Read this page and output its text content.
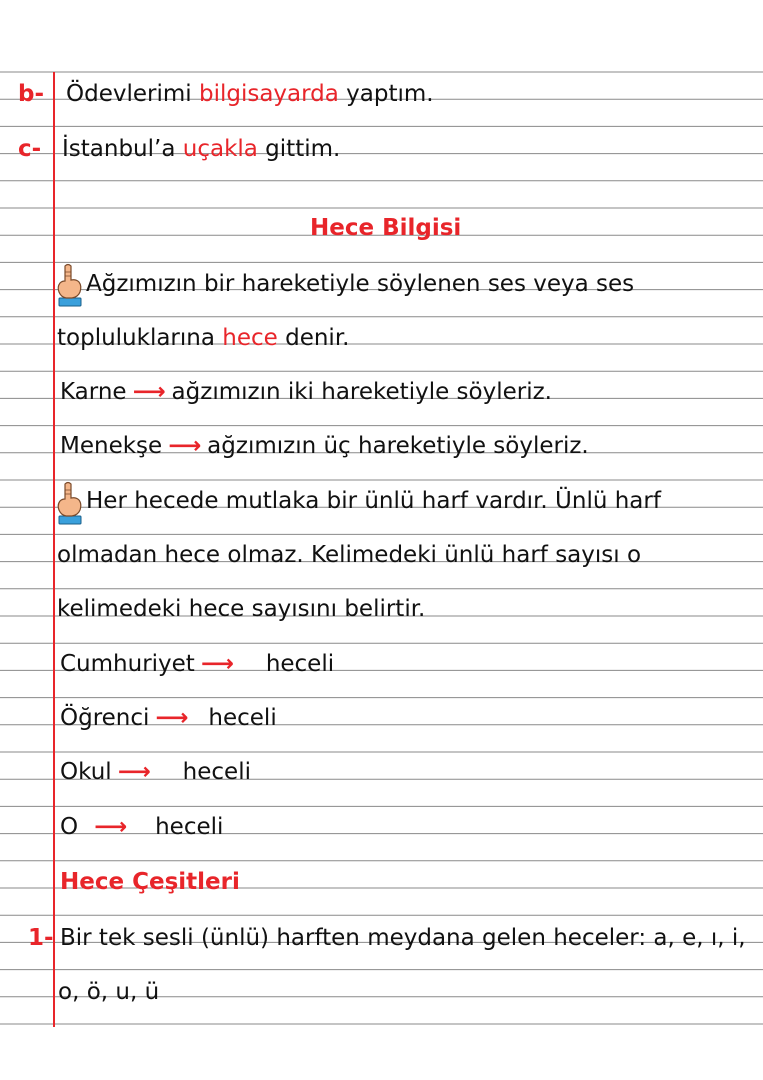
b- Ödevlerimi bilgisayarda yaptım.
c- İstanbul’a uçakla gittim.
Hece Bilgisi
Ağzımızın bir hareketiyle söylenen ses veya ses
topluluklarına hece denir.
Karne ⟶ ağzımızın iki hareketiyle söyleriz.
Menekşe ⟶ ağzımızın üç hareketiyle söyleriz.
Her hecede mutlaka bir ünlü harf vardır. Ünlü harf
olmadan hece olmaz. Kelimedeki ünlü harf sayısı o
kelimedeki hece sayısını belirtir.
Cumhuriyet ⟶ heceli
Öğrenci ⟶ heceli
Okul ⟶ heceli
O ⟶ heceli
Hece Çeşitleri
1- Bir tek sesli (ünlü) harften meydana gelen heceler: a, e, ı, i,
o, ö, u, ü
